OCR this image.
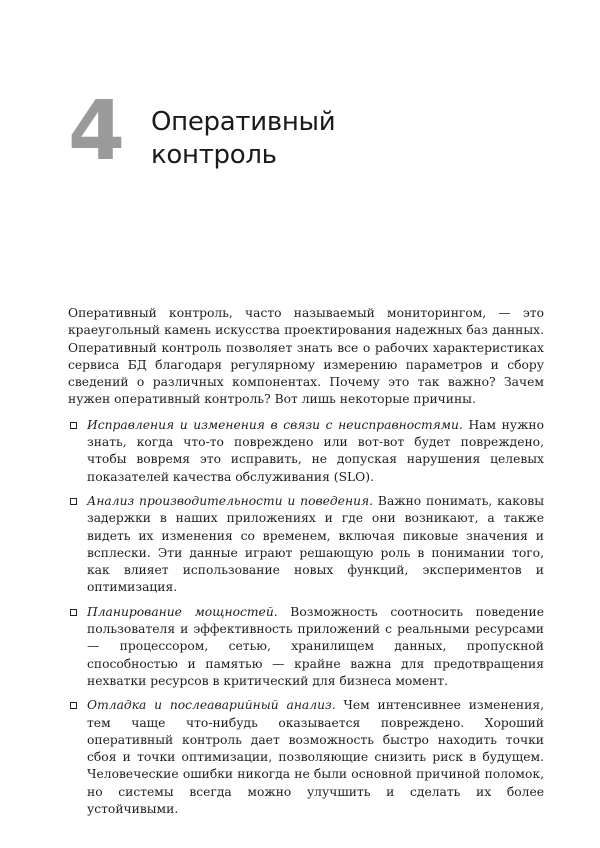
4 Оперативный
контроль

Оперативный контроль, часто называемый мониторингом, — это краеугольный камень искусства проектирования надежных баз данных. Оперативный контроль позволяет знать все о рабочих характеристиках сервиса БД благодаря регулярному измерению параметров и сбору сведений о различных компонентах. Почему это так важно? Зачем нужен оперативный контроль? Вот лишь некоторые причины.

Исправления и изменения в связи с неисправностями. Нам нужно знать, когда что-то повреждено или вот-вот будет повреждено, чтобы вовремя это исправить, не допуская нарушения целевых показателей качества обслуживания (SLO).
Анализ производительности и поведения. Важно понимать, каковы задержки в наших приложениях и где они возникают, а также видеть их изменения со временем, включая пиковые значения и всплески. Эти данные играют решающую роль в понимании того, как влияет использование новых функций, экспериментов и оптимизация.
Планирование мощностей. Возможность соотносить поведение пользователя и эффективность приложений с реальными ресурсами — процессором, сетью, хранилищем данных, пропускной способностью и памятью — крайне важна для предотвращения нехватки ресурсов в критический для бизнеса момент.
Отладка и послеаварийный анализ. Чем интенсивнее изменения, тем чаще что-нибудь оказывается повреждено. Хороший оперативный контроль дает возможность быстро находить точки сбоя и точки оптимизации, позволяющие снизить риск в будущем. Человеческие ошибки никогда не были основной причиной поломок, но системы всегда можно улучшить и сделать их более устойчивыми.
